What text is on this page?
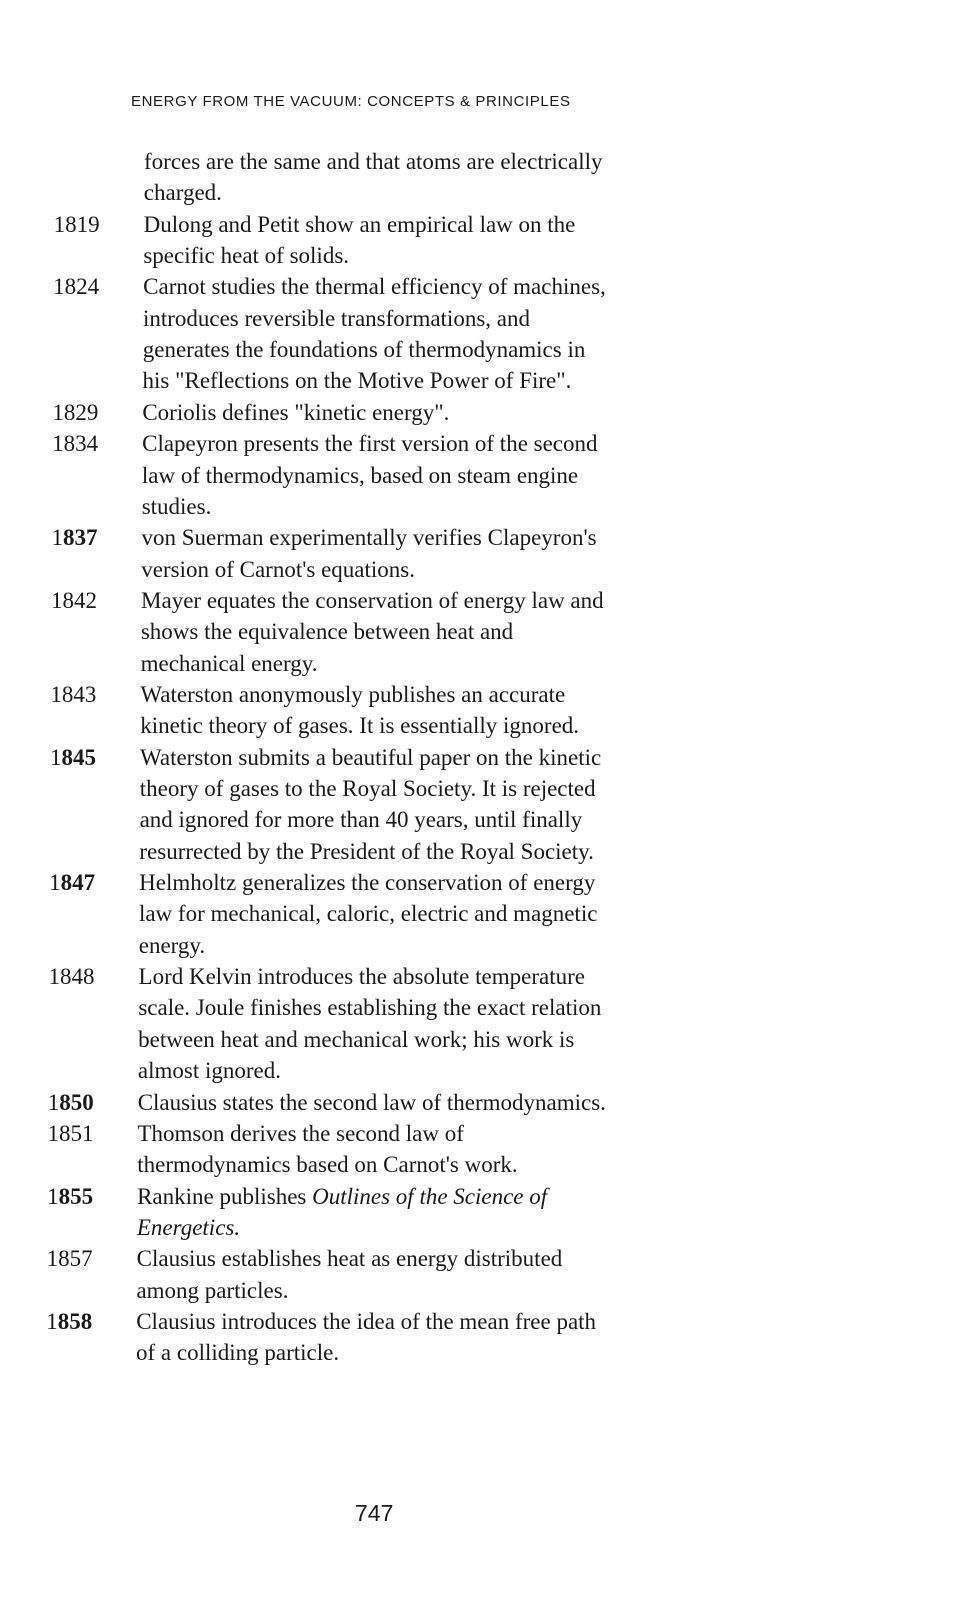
ENERGY FROM THE VACUUM: CONCEPTS & PRINCIPLES
forces are the same and that atoms are electrically
charged.
1819 Dulong and Petit show an empirical law on the
specific heat of solids.
1824 Carnot studies the thermal efficiency of machines,
introduces reversible transformations, and
generates the foundations of thermodynamics in
his "Reflections on the Motive Power of Fire".
1829 Coriolis defines "kinetic energy".
1834 Clapeyron presents the first version of the second
law of thermodynamics, based on steam engine
studies.
1837 von Suerman experimentally verifies Clapeyron's
version of Carnot's equations.
1842 Mayer equates the conservation of energy law and
shows the equivalence between heat and
mechanical energy.
1843 Waterston anonymously publishes an accurate
kinetic theory of gases. It is essentially ignored.
1845 Waterston submits a beautiful paper on the kinetic
theory of gases to the Royal Society. It is rejected
and ignored for more than 40 years, until finally
resurrected by the President of the Royal Society.
1847 Helmholtz generalizes the conservation of energy
law for mechanical, caloric, electric and magnetic
energy.
1848 Lord Kelvin introduces the absolute temperature
scale. Joule finishes establishing the exact relation
between heat and mechanical work; his work is
almost ignored.
1850 Clausius states the second law of thermodynamics.
1851 Thomson derives the second law of
thermodynamics based on Carnot's work.
1855 Rankine publishes Outlines of the Science of
Energetics.
1857 Clausius establishes heat as energy distributed
among particles.
1858 Clausius introduces the idea of the mean free path
of a colliding particle.
747
